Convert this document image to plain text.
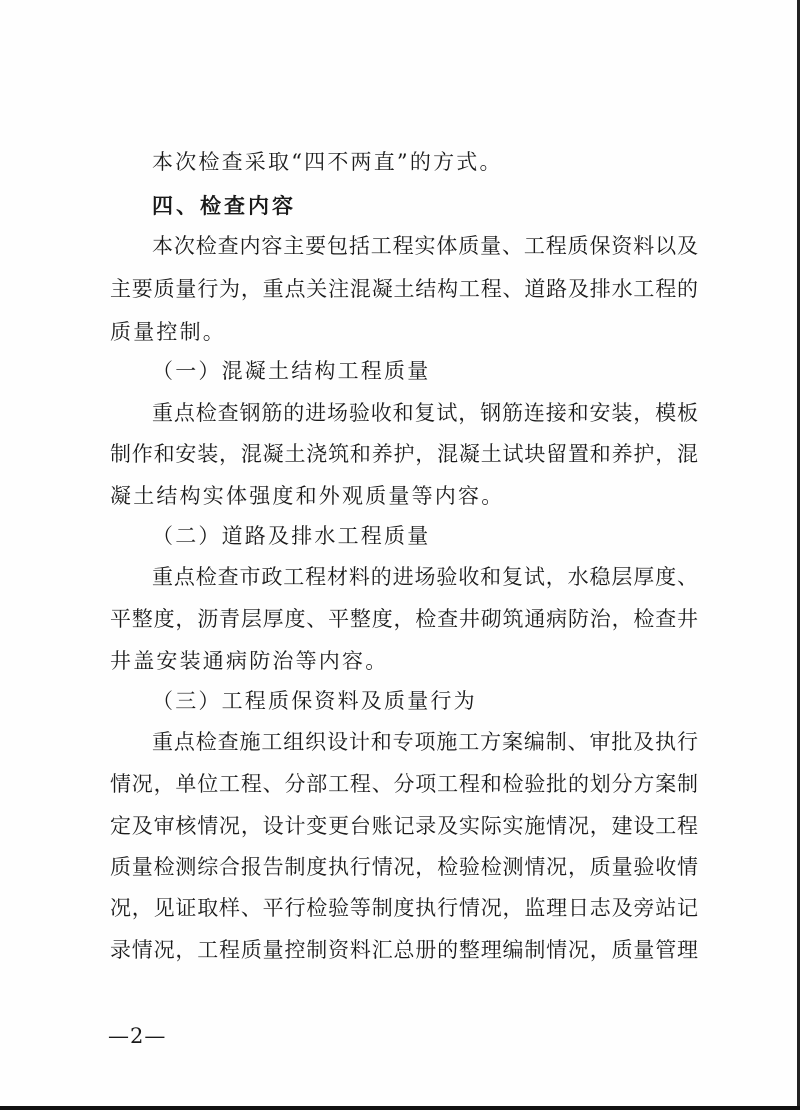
本次检查采取“四不两直”的方式。
四、检查内容
本次检查内容主要包括工程实体质量、工程质保资料以及
主要质量行为，重点关注混凝土结构工程、道路及排水工程的
质量控制。
（一）混凝土结构工程质量
重点检查钢筋的进场验收和复试，钢筋连接和安装，模板
制作和安装，混凝土浇筑和养护，混凝土试块留置和养护，混
凝土结构实体强度和外观质量等内容。
（二）道路及排水工程质量
重点检查市政工程材料的进场验收和复试，水稳层厚度、
平整度，沥青层厚度、平整度，检查井砌筑通病防治，检查井
井盖安装通病防治等内容。
（三）工程质保资料及质量行为
重点检查施工组织设计和专项施工方案编制、审批及执行
情况，单位工程、分部工程、分项工程和检验批的划分方案制
定及审核情况，设计变更台账记录及实际实施情况，建设工程
质量检测综合报告制度执行情况，检验检测情况，质量验收情
况，见证取样、平行检验等制度执行情况，监理日志及旁站记
录情况，工程质量控制资料汇总册的整理编制情况，质量管理
—2—
